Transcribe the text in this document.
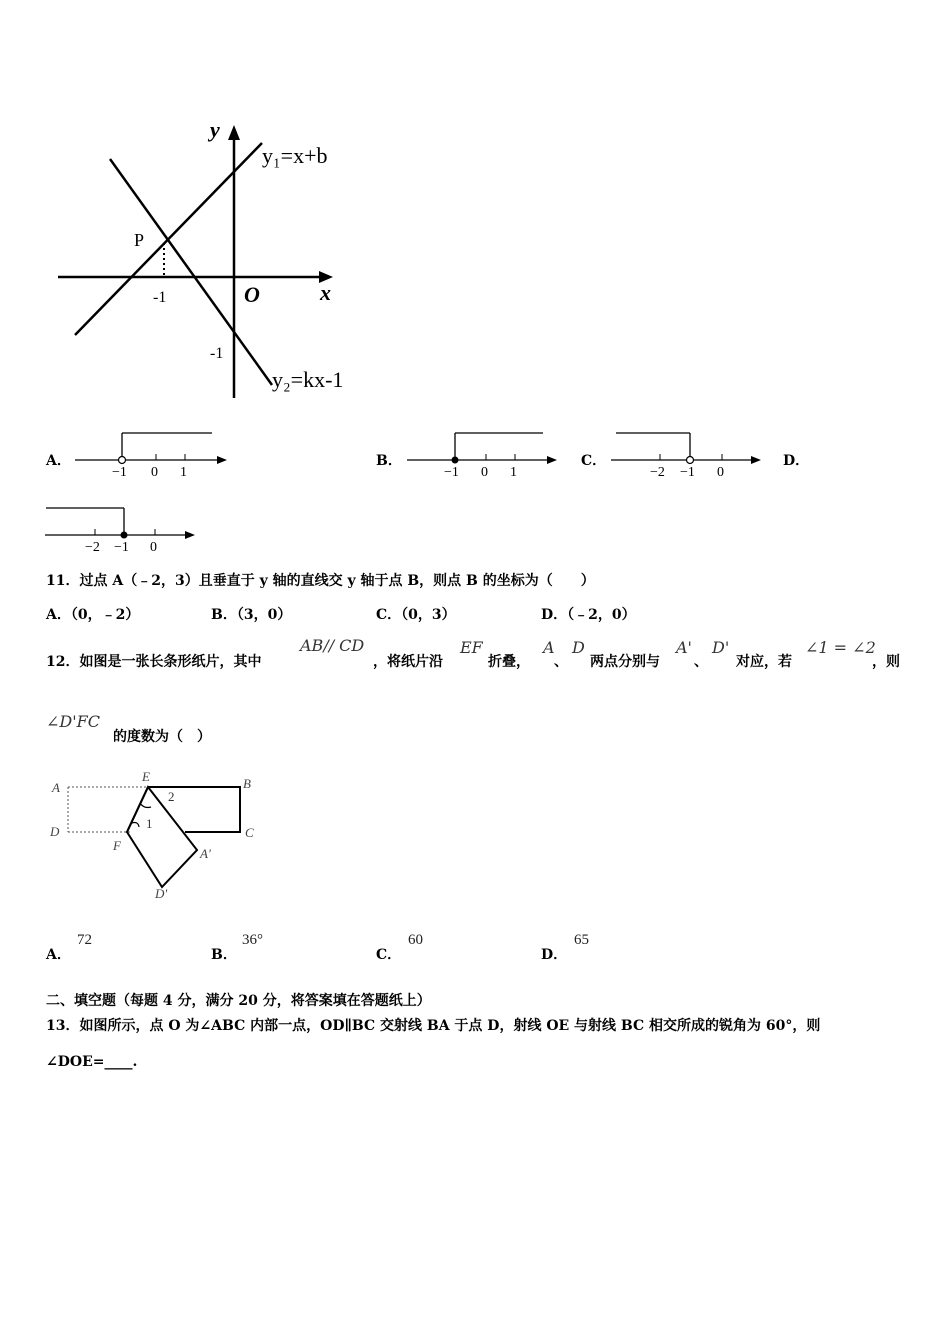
y
x
O
y₁=x+b
y₂=kx-1
P
-1
-1
A．
−1 0 1
B．
−1 0 1
C．
−2 −1 0
D．
−2 −1 0
11．过点 A（﹣2，3）且垂直于 y 轴的直线交 y 轴于点 B，则点 B 的坐标为（　　）
A．（0，﹣2）	B．（3，0）	C．（0，3）	D．（﹣2，0）
12．如图是一张长条形纸片，其中
AB// CD
，将纸片沿
EF
折叠，
A
、
D
两点分别与
A'
、
D'
对应，若
∠1 = ∠2
，则
∠D'FC
的度数为（　）
A
D
E	B
C
F
A'
D'
2
1
A．
72
B．
36°
C．
60
D．
65
二、填空题（每题 4 分，满分 20 分，将答案填在答题纸上）
13．如图所示，点 O 为∠ABC 内部一点，OD∥BC 交射线 BA 于点 D，射线 OE 与射线 BC 相交所成的锐角为 60°，则
∠DOE=____.
